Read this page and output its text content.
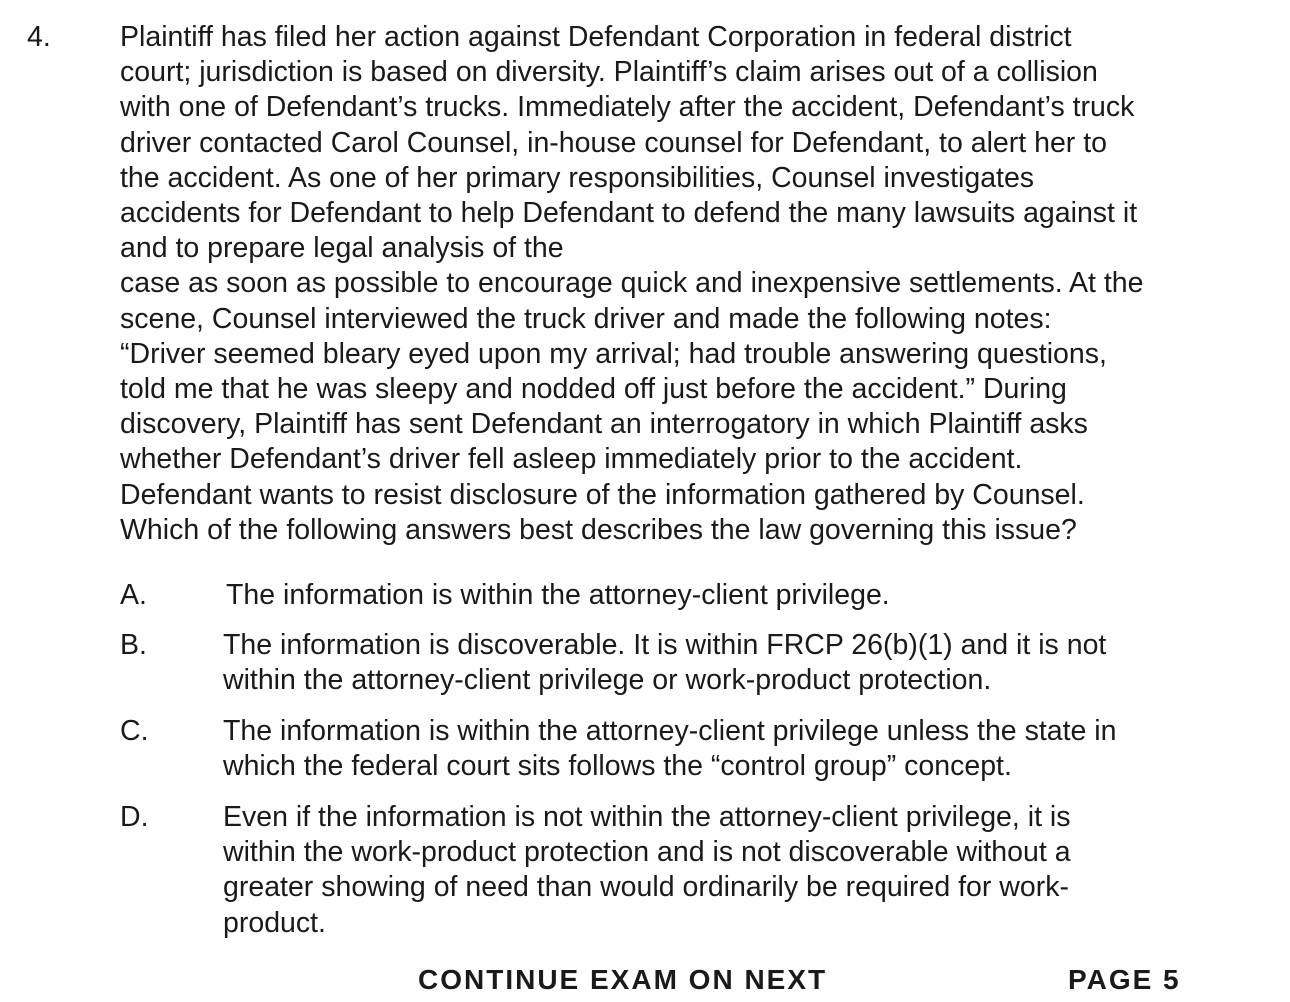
4. Plaintiff has filed her action against Defendant Corporation in federal district
court; jurisdiction is based on diversity. Plaintiff’s claim arises out of a collision
with one of Defendant’s trucks. Immediately after the accident, Defendant’s truck
driver contacted Carol Counsel, in-house counsel for Defendant, to alert her to
the accident. As one of her primary responsibilities, Counsel investigates
accidents for Defendant to help Defendant to defend the many lawsuits against it
and to prepare legal analysis of the
case as soon as possible to encourage quick and inexpensive settlements. At the
scene, Counsel interviewed the truck driver and made the following notes:
“Driver seemed bleary eyed upon my arrival; had trouble answering questions,
told me that he was sleepy and nodded off just before the accident.” During
discovery, Plaintiff has sent Defendant an interrogatory in which Plaintiff asks
whether Defendant’s driver fell asleep immediately prior to the accident.
Defendant wants to resist disclosure of the information gathered by Counsel.
Which of the following answers best describes the law governing this issue?
A.	The information is within the attorney-client privilege.
B.	The information is discoverable. It is within FRCP 26(b)(1) and it is not
within the attorney-client privilege or work-product protection.
C.	The information is within the attorney-client privilege unless the state in
which the federal court sits follows the “control group” concept.
D.	Even if the information is not within the attorney-client privilege, it is
within the work-product protection and is not discoverable without a
greater showing of need than would ordinarily be required for work-
product.
CONTINUE EXAM ON NEXT	PAGE 5
